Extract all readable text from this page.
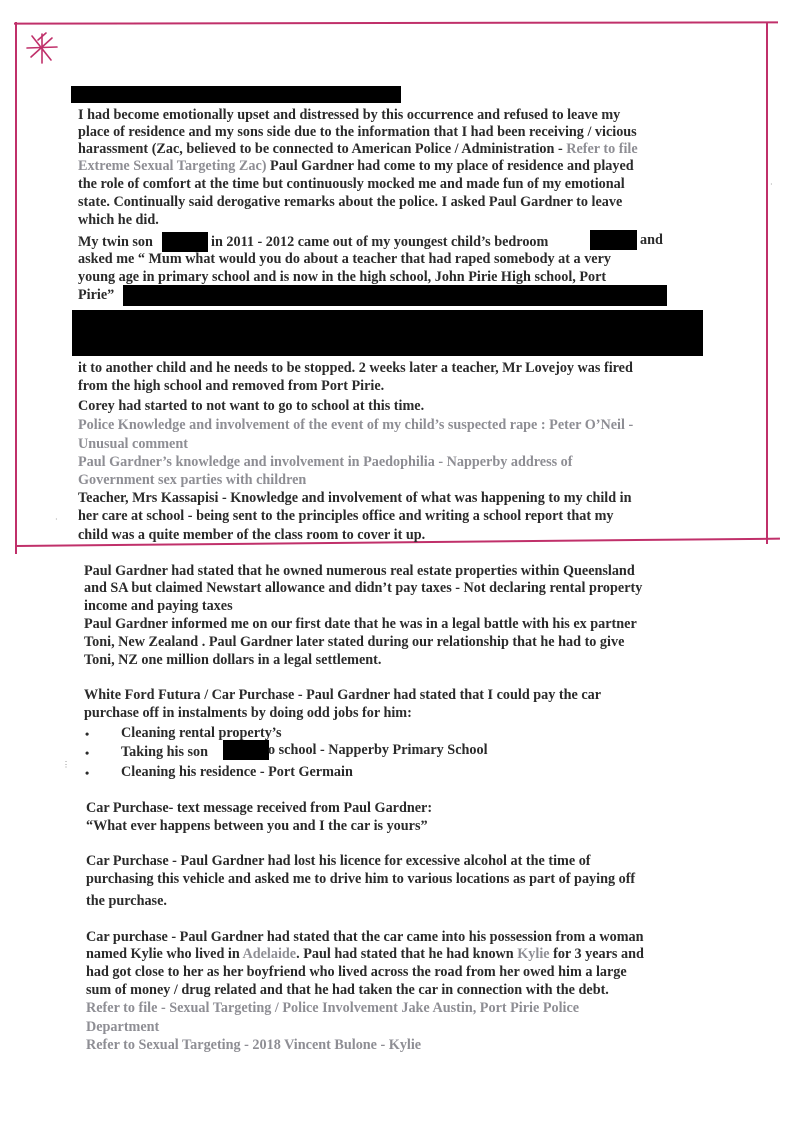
I had become emotionally upset and distressed by this occurrence and refused to leave my
place of residence and my sons side due to the information that I had been receiving / vicious
harassment (Zac, believed to be connected to American Police / Administration - Refer to file
Extreme Sexual Targeting Zac) Paul Gardner had come to my place of residence and played
the role of comfort at the time but continuously mocked me and made fun of my emotional
state. Continually said derogative remarks about the police. I asked Paul Gardner to leave
which he did.
My twin son	in 2011 - 2012 came out of my youngest child’s bedroom	and
asked me “ Mum what would you do about a teacher that had raped somebody at a very
young age in primary school and is now in the high school, John Pirie High school, Port
Pirie”
it to another child and he needs to be stopped. 2 weeks later a teacher, Mr Lovejoy was fired
from the high school and removed from Port Pirie.
Corey had started to not want to go to school at this time.
Police Knowledge and involvement of the event of my child’s suspected rape : Peter O’Neil -
Unusual comment
Paul Gardner’s knowledge and involvement in Paedophilia - Napperby address of
Government sex parties with children
Teacher, Mrs Kassapisi - Knowledge and involvement of what was happening to my child in
her care at school - being sent to the principles office and writing a school report that my
child was a quite member of the class room to cover it up.
Paul Gardner had stated that he owned numerous real estate properties within Queensland
and SA but claimed Newstart allowance and didn’t pay taxes - Not declaring rental property
income and paying taxes
Paul Gardner informed me on our first date that he was in a legal battle with his ex partner
Toni, New Zealand . Paul Gardner later stated during our relationship that he had to give
Toni, NZ one million dollars in a legal settlement.
White Ford Futura / Car Purchase - Paul Gardner had stated that I could pay the car
purchase off in instalments by doing odd jobs for him:
• Cleaning rental property’s
• Taking his son	o school - Napperby Primary School
• Cleaning his residence - Port Germain
Car Purchase- text message received from Paul Gardner:
“What ever happens between you and I the car is yours”
Car Purchase - Paul Gardner had lost his licence for excessive alcohol at the time of
purchasing this vehicle and asked me to drive him to various locations as part of paying off
the purchase.
Car purchase - Paul Gardner had stated that the car came into his possession from a woman
named Kylie who lived in Adelaide. Paul had stated that he had known Kylie for 3 years and
had got close to her as her boyfriend who lived across the road from her owed him a large
sum of money / drug related and that he had taken the car in connection with the debt.
Refer to file - Sexual Targeting / Police Involvement Jake Austin, Port Pirie Police
Department
Refer to Sexual Targeting - 2018 Vincent Bulone - Kylie
⋮
·
·
